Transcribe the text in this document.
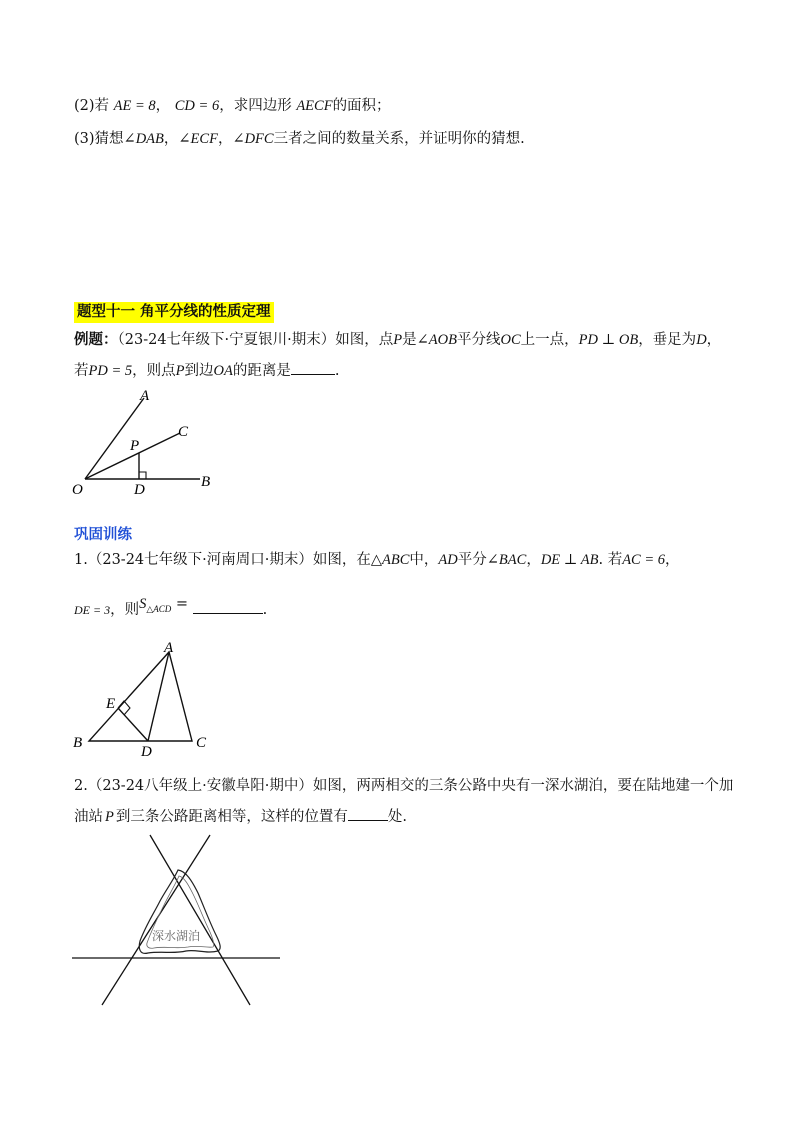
(2)若 AE = 8， CD = 6，求四边形 AECF的面积；
(3)猜想∠DAB，∠ECF，∠DFC三者之间的数量关系，并证明你的猜想.
题型十一 角平分线的性质定理
例题：（23-24七年级下·宁夏银川·期末）如图，点P是∠AOB平分线OC上一点，PD ⊥ OB，垂足为D，
若PD = 5，则点P到边OA的距离是	.
A
C
P
O	D	B
巩固训练
1.（23-24七年级下·河南周口·期末）如图，在△ABC中，AD平分∠BAC，DE ⊥ AB. 若AC = 6，
DE = 3，则S△ACD =	.
A
E
B
D
C
2.（23-24八年级上·安徽阜阳·期中）如图，两两相交的三条公路中央有一深水湖泊，要在陆地建一个加
油站 P 到三条公路距离相等，这样的位置有	处.
深水湖泊
